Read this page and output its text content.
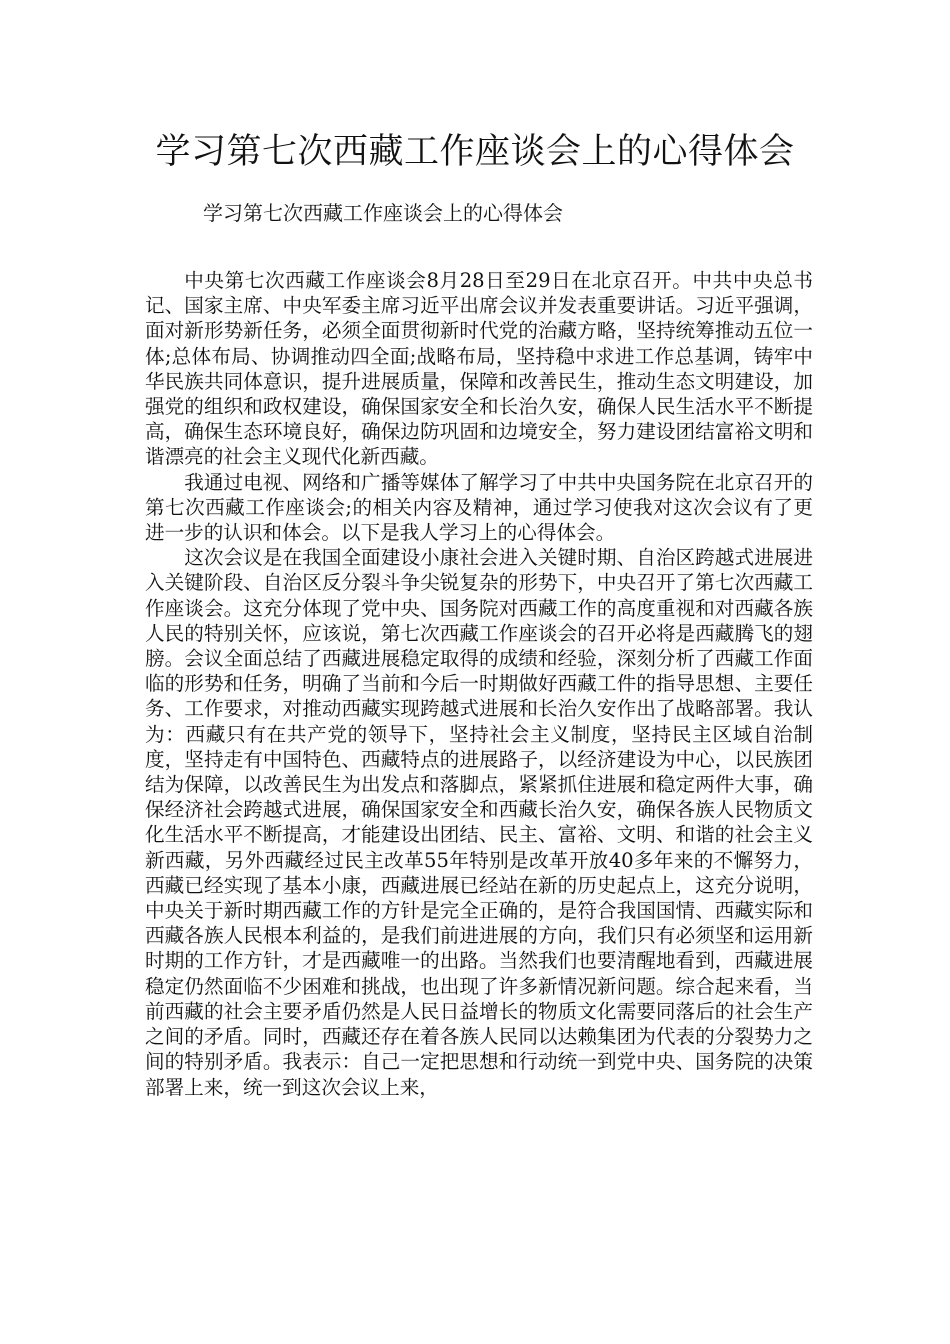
学习第七次西藏工作座谈会上的心得体会
学习第七次西藏工作座谈会上的心得体会

中央第七次西藏工作座谈会8月28日至29日在北京召开。中共中央总书记、国家主席、中央军委主席习近平出席会议并发表重要讲话。习近平强调，面对新形势新任务，必须全面贯彻新时代党的治藏方略，坚持统筹推动五位一体;总体布局、协调推动四全面;战略布局，坚持稳中求进工作总基调，铸牢中华民族共同体意识，提升进展质量，保障和改善民生，推动生态文明建设，加强党的组织和政权建设，确保国家安全和长治久安，确保人民生活水平不断提高，确保生态环境良好，确保边防巩固和边境安全，努力建设团结富裕文明和谐漂亮的社会主义现代化新西藏。

我通过电视、网络和广播等媒体了解学习了中共中央国务院在北京召开的第七次西藏工作座谈会;的相关内容及精神，通过学习使我对这次会议有了更进一步的认识和体会。以下是我人学习上的心得体会。

这次会议是在我国全面建设小康社会进入关键时期、自治区跨越式进展进入关键阶段、自治区反分裂斗争尖锐复杂的形势下，中央召开了第七次西藏工作座谈会。这充分体现了党中央、国务院对西藏工作的高度重视和对西藏各族人民的特别关怀，应该说，第七次西藏工作座谈会的召开必将是西藏腾飞的翅膀。会议全面总结了西藏进展稳定取得的成绩和经验，深刻分析了西藏工作面临的形势和任务，明确了当前和今后一时期做好西藏工件的指导思想、主要任务、工作要求，对推动西藏实现跨越式进展和长治久安作出了战略部署。我认为：西藏只有在共产党的领导下，坚持社会主义制度，坚持民主区域自治制度，坚持走有中国特色、西藏特点的进展路子，以经济建设为中心，以民族团结为保障，以改善民生为出发点和落脚点，紧紧抓住进展和稳定两件大事，确保经济社会跨越式进展，确保国家安全和西藏长治久安，确保各族人民物质文化生活水平不断提高，才能建设出团结、民主、富裕、文明、和谐的社会主义新西藏，另外西藏经过民主改革55年特别是改革开放40多年来的不懈努力，西藏已经实现了基本小康，西藏进展已经站在新的历史起点上，这充分说明，中央关于新时期西藏工作的方针是完全正确的，是符合我国国情、西藏实际和西藏各族人民根本利益的，是我们前进进展的方向，我们只有必须坚和运用新时期的工作方针，才是西藏唯一的出路。当然我们也要清醒地看到，西藏进展稳定仍然面临不少困难和挑战，也出现了许多新情况新问题。综合起来看，当前西藏的社会主要矛盾仍然是人民日益增长的物质文化需要同落后的社会生产之间的矛盾。同时，西藏还存在着各族人民同以达赖集团为代表的分裂势力之间的特别矛盾。我表示：自己一定把思想和行动统一到党中央、国务院的决策部署上来，统一到这次会议上来，
